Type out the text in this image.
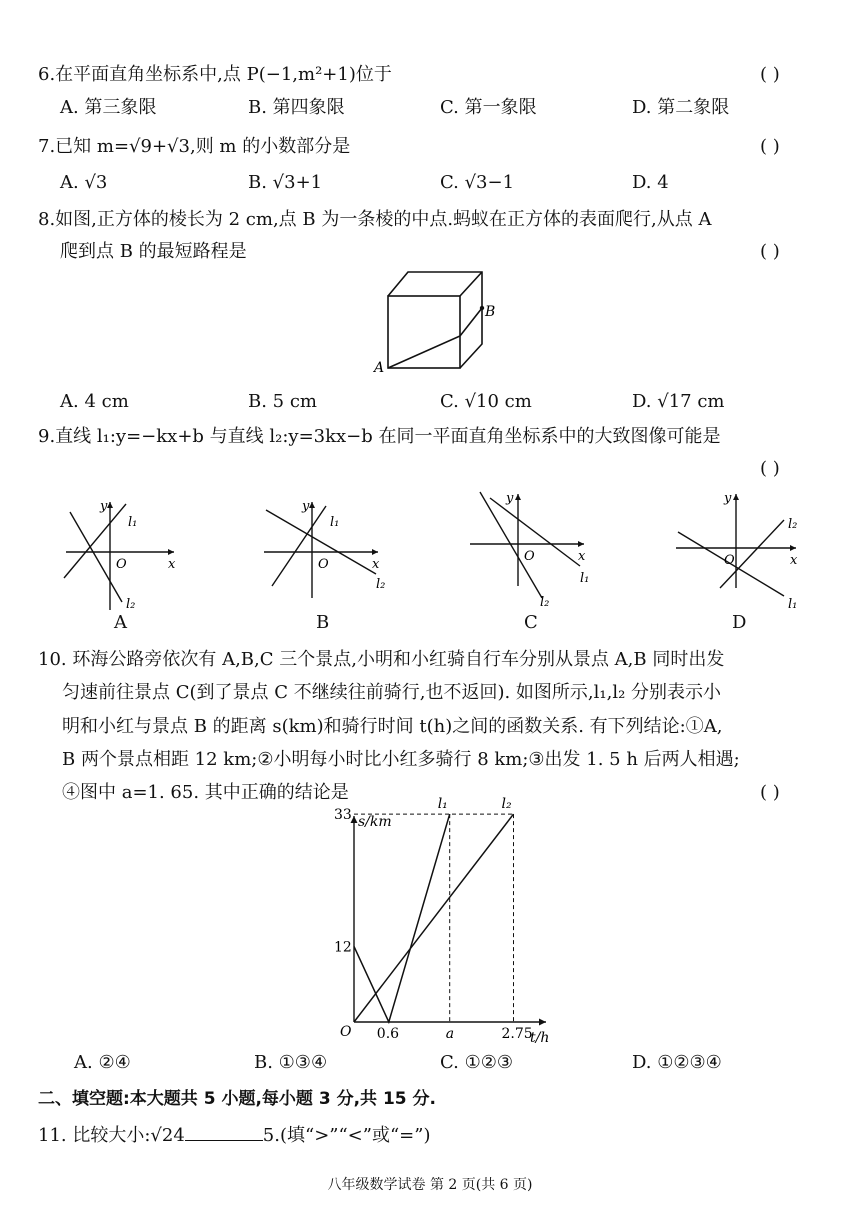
6.在平面直角坐标系中,点 P(−1,m²+1)位于	( )
A. 第三象限	B. 第四象限	C. 第一象限	D. 第二象限
7.已知 m=√9+√3,则 m 的小数部分是	( )
A. √3	B. √3+1	C. √3−1	D. 4
8.如图,正方体的棱长为 2 cm,点 B 为一条棱的中点.蚂蚁在正方体的表面爬行,从点 A
爬到点 B 的最短路程是	( )
B
A
A. 4 cm	B. 5 cm	C. √10 cm	D. √17 cm
9.直线 l₁:y=−kx+b 与直线 l₂:y=3kx−b 在同一平面直角坐标系中的大致图像可能是
( )
x
y
O
l₁
l₂
A
x
y
O
l₁
l₂
B
x
y
O
l₁
l₂
C
x
y
O
l₁
l₂
D
10. 环海公路旁依次有 A,B,C 三个景点,小明和小红骑自行车分别从景点 A,B 同时出发
匀速前往景点 C(到了景点 C 不继续往前骑行,也不返回). 如图所示,l₁,l₂ 分别表示小
明和小红与景点 B 的距离 s(km)和骑行时间 t(h)之间的函数关系. 有下列结论:①A,
B 两个景点相距 12 km;②小明每小时比小红多骑行 8 km;③出发 1. 5 h 后两人相遇;
④图中 a=1. 65. 其中正确的结论是	( )
l₁	l₂
12
33
0.6	a	2.75
s/km
t/h
O
A. ②④	B. ①③④	C. ①②③	D. ①②③④
二、填空题:本大题共 5 小题,每小题 3 分,共 15 分.
11. 比较大小:√24	5.(填“>”“<”或“=”)
八年级数学试卷 第 2 页(共 6 页)
